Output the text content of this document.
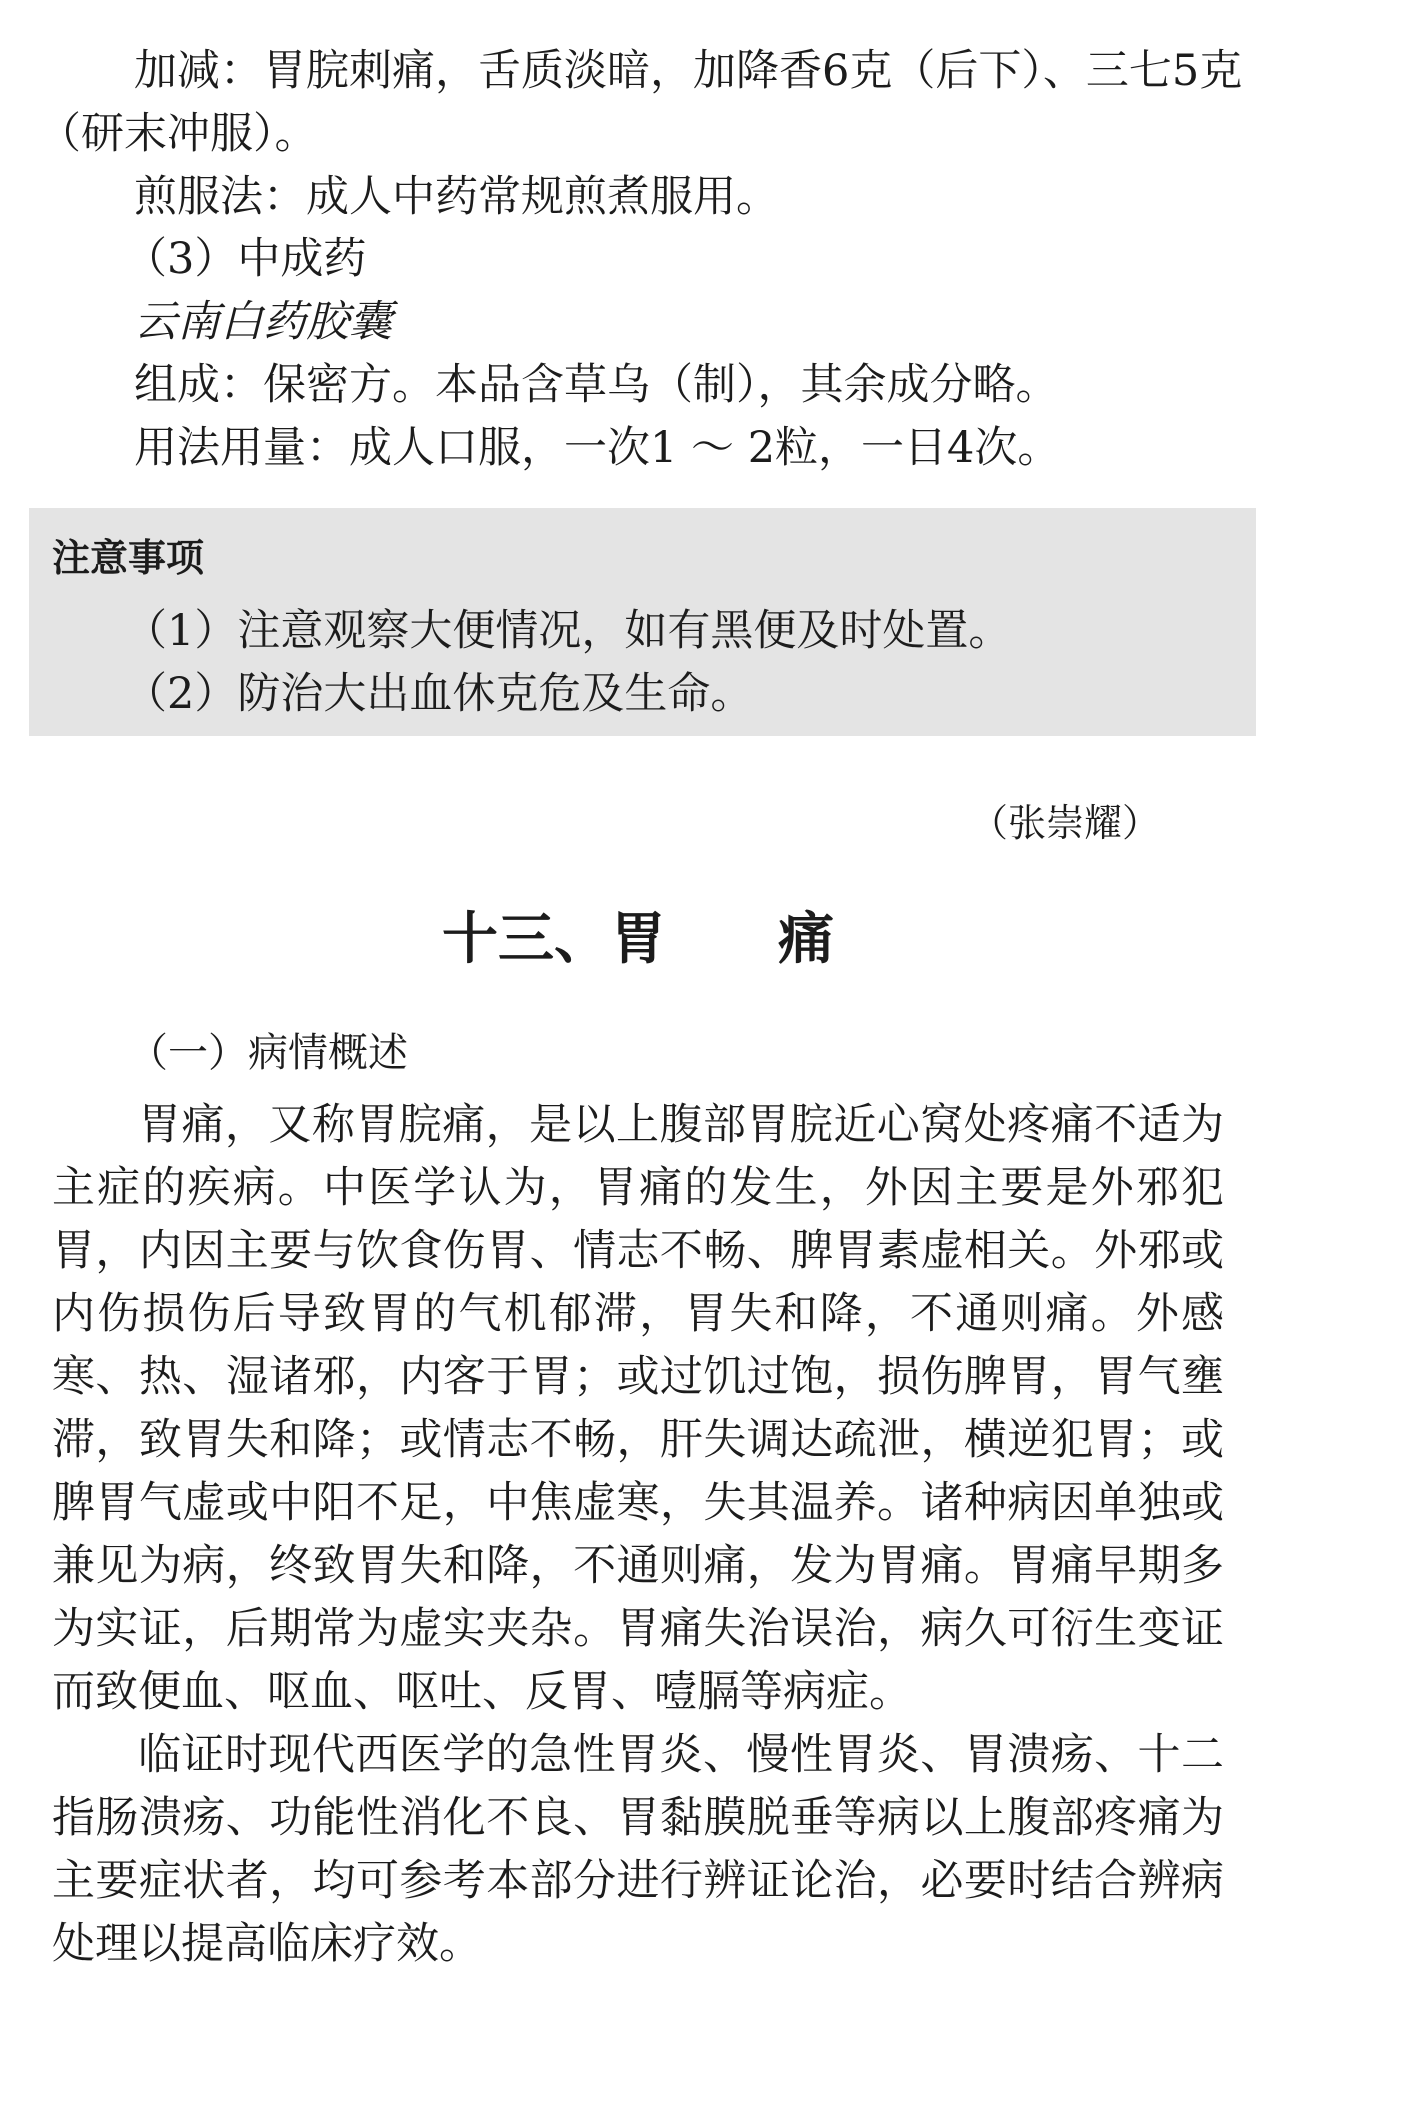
加减：胃脘刺痛，舌质淡暗，加降香6克（后下）、三七5克
（研末冲服）。
煎服法：成人中药常规煎煮服用。
（3）中成药
云南白药胶囊
组成：保密方。本品含草乌（制），其余成分略。
用法用量：成人口服，一次1 ～ 2粒，一日4次。
注意事项
（1）注意观察大便情况，如有黑便及时处置。
（2）防治大出血休克危及生命。
（张崇耀）
十三、胃　　痛
（一）病情概述

胃痛，又称胃脘痛，是以上腹部胃脘近心窝处疼痛不适为主症的疾病。中医学认为，胃痛的发生，外因主要是外邪犯胃，内因主要与饮食伤胃、情志不畅、脾胃素虚相关。外邪或内伤损伤后导致胃的气机郁滞，胃失和降，不通则痛。外感寒、热、湿诸邪，内客于胃；或过饥过饱，损伤脾胃，胃气壅滞，致胃失和降；或情志不畅，肝失调达疏泄，横逆犯胃；或脾胃气虚或中阳不足，中焦虚寒，失其温养。诸种病因单独或兼见为病，终致胃失和降，不通则痛，发为胃痛。胃痛早期多为实证，后期常为虚实夹杂。胃痛失治误治，病久可衍生变证而致便血、呕血、呕吐、反胃、噎膈等病症。

临证时现代西医学的急性胃炎、慢性胃炎、胃溃疡、十二指肠溃疡、功能性消化不良、胃黏膜脱垂等病以上腹部疼痛为主要症状者，均可参考本部分进行辨证论治，必要时结合辨病处理以提高临床疗效。
